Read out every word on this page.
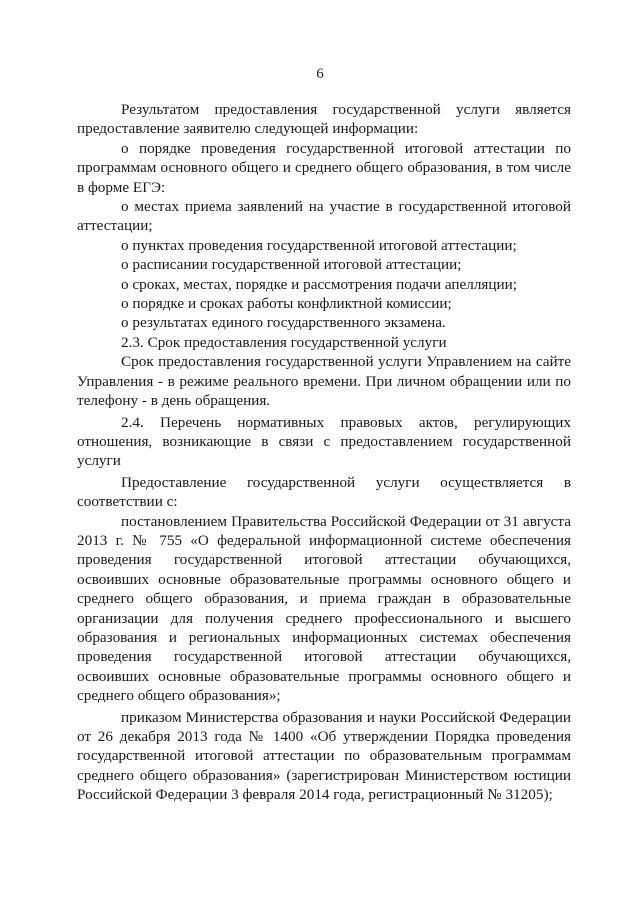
6

Результатом предоставления государственной услуги является предоставление заявителю следующей информации:

о порядке проведения государственной итоговой аттестации по программам основного общего и среднего общего образования, в том числе в форме ЕГЭ:

о местах приема заявлений на участие в государственной итоговой аттестации;

о пунктах проведения государственной итоговой аттестации;

о расписании государственной итоговой аттестации;

о сроках, местах, порядке и рассмотрения подачи апелляции;

о порядке и сроках работы конфликтной комиссии;

о результатах единого государственного экзамена.

2.3. Срок предоставления государственной услуги

Срок предоставления государственной услуги Управлением на сайте Управления - в режиме реального времени. При личном обращении или по телефону - в день обращения.

2.4. Перечень нормативных правовых актов, регулирующих отношения, возникающие в связи с предоставлением государственной услуги

Предоставление государственной услуги осуществляется в соответствии с:

постановлением Правительства Российской Федерации от 31 августа 2013 г. № 755 «О федеральной информационной системе обеспечения проведения государственной итоговой аттестации обучающихся, освоивших основные образовательные программы основного общего и среднего общего образования, и приема граждан в образовательные организации для получения среднего профессионального и высшего образования и региональных информационных системах обеспечения проведения государственной итоговой аттестации обучающихся, освоивших основные образовательные программы основного общего и среднего общего образования»;

приказом Министерства образования и науки Российской Федерации от 26 декабря 2013 года № 1400 «Об утверждении Порядка проведения государственной итоговой аттестации по образовательным программам среднего общего образования» (зарегистрирован Министерством юстиции Российской Федерации 3 февраля 2014 года, регистрационный № 31205);
